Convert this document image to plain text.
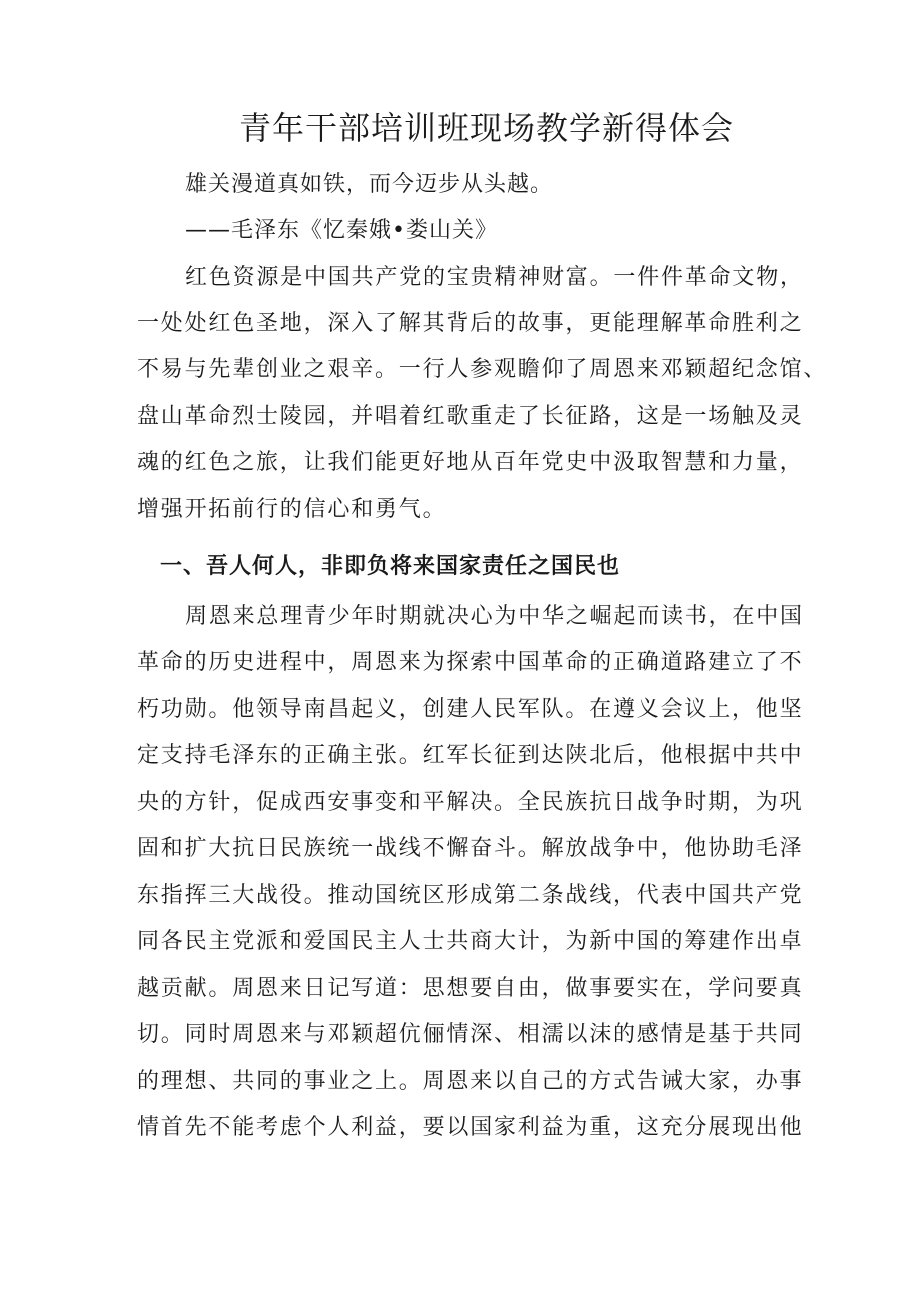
青年干部培训班现场教学新得体会

雄关漫道真如铁，而今迈步从头越。

——毛泽东《忆秦娥•娄山关》

红色资源是中国共产党的宝贵精神财富。一件件革命文物，

一处处红色圣地，深入了解其背后的故事，更能理解革命胜利之

不易与先辈创业之艰辛。一行人参观瞻仰了周恩来邓颖超纪念馆、

盘山革命烈士陵园，并唱着红歌重走了长征路，这是一场触及灵

魂的红色之旅，让我们能更好地从百年党史中汲取智慧和力量，

增强开拓前行的信心和勇气。

一、吾人何人，非即负将来国家责任之国民也

周恩来总理青少年时期就决心为中华之崛起而读书，在中国

革命的历史进程中，周恩来为探索中国革命的正确道路建立了不

朽功勋。他领导南昌起义，创建人民军队。在遵义会议上，他坚

定支持毛泽东的正确主张。红军长征到达陕北后，他根据中共中

央的方针，促成西安事变和平解决。全民族抗日战争时期，为巩

固和扩大抗日民族统一战线不懈奋斗。解放战争中，他协助毛泽

东指挥三大战役。推动国统区形成第二条战线，代表中国共产党

同各民主党派和爱国民主人士共商大计，为新中国的筹建作出卓

越贡献。周恩来日记写道：思想要自由，做事要实在，学问要真

切。同时周恩来与邓颖超伉俪情深、相濡以沫的感情是基于共同

的理想、共同的事业之上。周恩来以自己的方式告诫大家，办事

情首先不能考虑个人利益，要以国家利益为重，这充分展现出他
